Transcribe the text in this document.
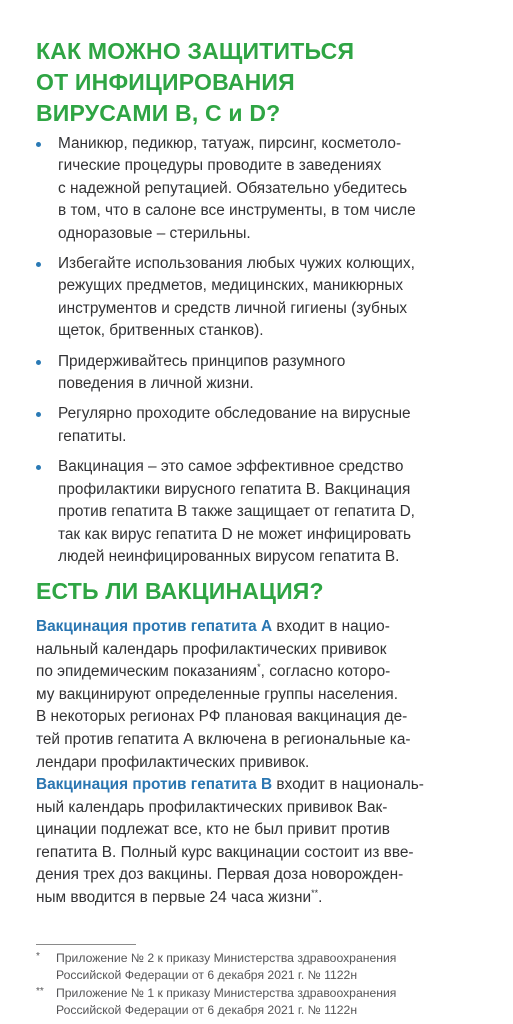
КАК МОЖНО ЗАЩИТИТЬСЯ
ОТ ИНФИЦИРОВАНИЯ
ВИРУСАМИ В, С и D?
Маникюр, педикюр, татуаж, пирсинг, косметоло-
гические процедуры проводите в заведениях
с надежной репутацией. Обязательно убедитесь
в том, что в салоне все инструменты, в том числе
одноразовые – стерильны.
Избегайте использования любых чужих колющих,
режущих предметов, медицинских, маникюрных
инструментов и средств личной гигиены (зубных
щеток, бритвенных станков).
Придерживайтесь принципов разумного
поведения в личной жизни.
Регулярно проходите обследование на вирусные
гепатиты.
Вакцинация – это самое эффективное средство
профилактики вирусного гепатита В. Вакцинация
против гепатита В также защищает от гепатита D,
так как вирус гепатита D не может инфицировать
людей неинфицированных вирусом гепатита В.
ЕСТЬ ЛИ ВАКЦИНАЦИЯ?
Вакцинация против гепатита А входит в нацио-
нальный календарь профилактических прививок
по эпидемическим показаниям*, согласно которо-
му вакцинируют определенные группы населения.
В некоторых регионах РФ плановая вакцинация де-
тей против гепатита А включена в региональные ка-
лендари профилактических прививок.
Вакцинация против гепатита В входит в националь-
ный календарь профилактических прививок Вак-
цинации подлежат все, кто не был привит против
гепатита В. Полный курс вакцинации состоит из вве-
дения трех доз вакцины. Первая доза новорожден-
ным вводится в первые 24 часа жизни**.
* Приложение № 2 к приказу Министерства здравоохранения
Российской Федерации от 6 декабря 2021 г. № 1122н
** Приложение № 1 к приказу Министерства здравоохранения
Российской Федерации от 6 декабря 2021 г. № 1122н
